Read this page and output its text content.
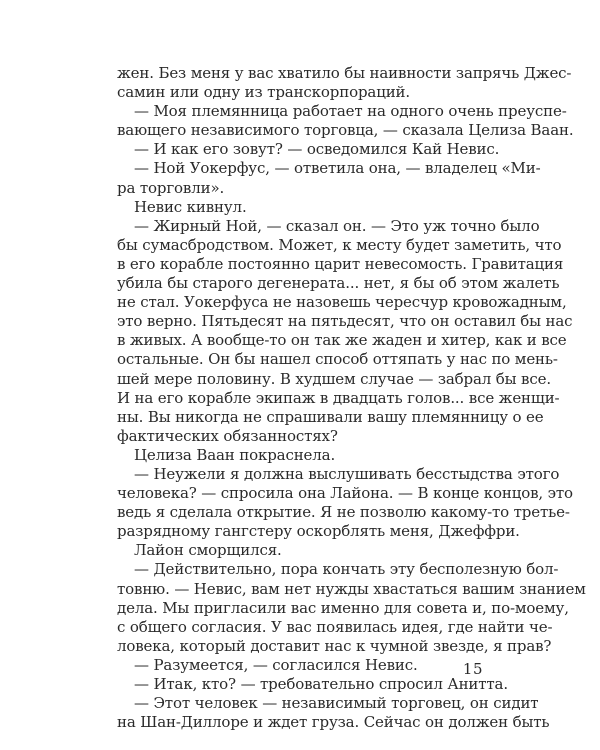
жен. Без меня у вас хватило бы наивности запрячь Джес-
самин или одну из транскорпораций.
— Моя племянница работает на одного очень преуспе-
вающего независимого торговца, — сказала Целиза Ваан.
— И как его зовут? — осведомился Кай Невис.
— Ной Уокерфус, — ответила она, — владелец «Ми-
ра торговли».
Невис кивнул.
— Жирный Ной, — сказал он. — Это уж точно было
бы сумасбродством. Может, к месту будет заметить, что
в его корабле постоянно царит невесомость. Гравитация
убила бы старого дегенерата... нет, я бы об этом жалеть
не стал. Уокерфуса не назовешь чересчур кровожадным,
это верно. Пятьдесят на пятьдесят, что он оставил бы нас
в живых. А вообще-то он так же жаден и хитер, как и все
остальные. Он бы нашел способ оттяпать у нас по мень-
шей мере половину. В худшем случае — забрал бы все.
И на его корабле экипаж в двадцать голов... все женщи-
ны. Вы никогда не спрашивали вашу племянницу о ее
фактических обязанностях?
Целиза Ваан покраснела.
— Неужели я должна выслушивать бесстыдства этого
человека? — спросила она Лайона. — В конце концов, это
ведь я сделала открытие. Я не позволю какому-то третье-
разрядному гангстеру оскорблять меня, Джеффри.
Лайон сморщился.
— Действительно, пора кончать эту бесполезную бол-
товню. — Невис, вам нет нужды хвастаться вашим знанием
дела. Мы пригласили вас именно для совета и, по-моему,
с общего согласия. У вас появилась идея, где найти че-
ловека, который доставит нас к чумной звезде, я прав?
— Разумеется, — согласился Невис.
— Итак, кто? — требовательно спросил Анитта.
— Этот человек — независимый торговец, он сидит
на Шан-Диллоре и ждет груза. Сейчас он должен быть
15
